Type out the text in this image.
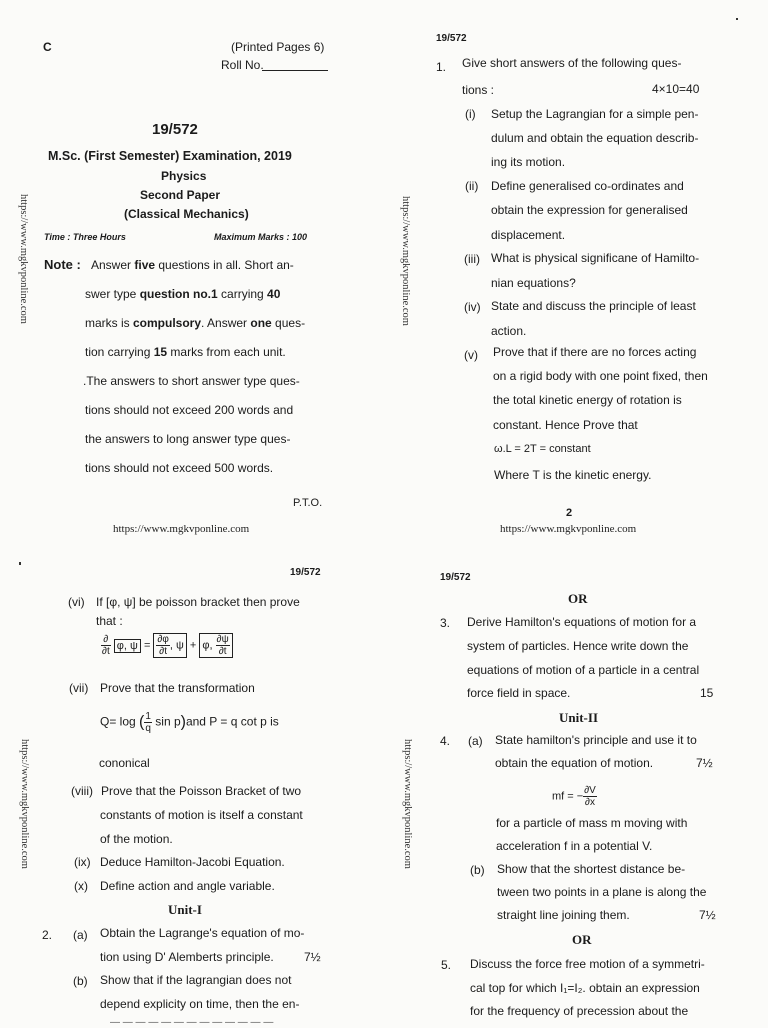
C	(Printed Pages 6)
Roll No.
19/572
M.Sc. (First Semester) Examination, 2019
Physics
Second Paper
(Classical Mechanics)
Time : Three Hours	Maximum Marks : 100
Note : Answer five questions in all. Short an-
swer type question no.1 carrying 40
marks is compulsory. Answer one ques-
tion carrying 15 marks from each unit.
.The answers to short answer type ques-
tions should not exceed 200 words and
the answers to long answer type ques-
tions should not exceed 500 words.
P.T.O.
https://www.mgkvponline.com
https://www.mgkvponline.com
19/572
1. Give short answers of the following ques-
tions :	4×10=40
(i) Setup the Lagrangian for a simple pen-
dulum and obtain the equation describ-
ing its motion.
(ii) Define generalised co-ordinates and
obtain the expression for generalised
displacement.
(iii) What is physical significane of Hamilto-
nian equations?
(iv) State and discuss the principle of least
action.
(v) Prove that if there are no forces acting
on a rigid body with one point fixed, then
the total kinetic energy of rotation is
constant. Hence Prove that
ω.L = 2T = constant
Where T is the kinetic energy.
2
https://www.mgkvponline.com
https://www.mgkvponline.com
19/572
(vi) If [φ, ψ] be poisson bracket then prove
that :
$\frac{\partial}{\partial t} \varphi$, $\psi = \frac{\partial\varphi}{\partial t}$ , ψ + φ, $\frac{\partial\psi}{\partial t}$
(vii) Prove that the transformation
Q= log ( $\frac{1}{q}$ sin p)and P = q cot p is
cononical
(viii) Prove that the Poisson Bracket of two
constants of motion is itself a constant
of the motion.
(ix) Deduce Hamilton-Jacobi Equation.
(x) Define action and angle variable.
Unit-I
2. (a) Obtain the Lagrange's equation of mo-
tion using D' Alemberts principle.	7½
(b) Show that if the lagrangian does not
depend explicity on time, then the en-
— — — — — — — — — — — — —
https://www.mgkvponline.com
19/572
OR
3. Derive Hamilton's equations of motion for a
system of particles. Hence write down the
equations of motion of a particle in a central
force field in space.	15
Unit-II
4. (a) State hamilton's principle and use it to
obtain the equation of motion.	7½
mf = − $\frac{\partial V}{\partial x}$
for a particle of mass m moving with
acceleration f in a potential V.
(b) Show that the shortest distance be-
tween two points in a plane is along the
straight line joining them.	7½
OR
5. Discuss the force free motion of a symmetri-
cal top for which I₁=I₂. obtain an expression
for the frequency of precession about the
https://www.mgkvponline.com
